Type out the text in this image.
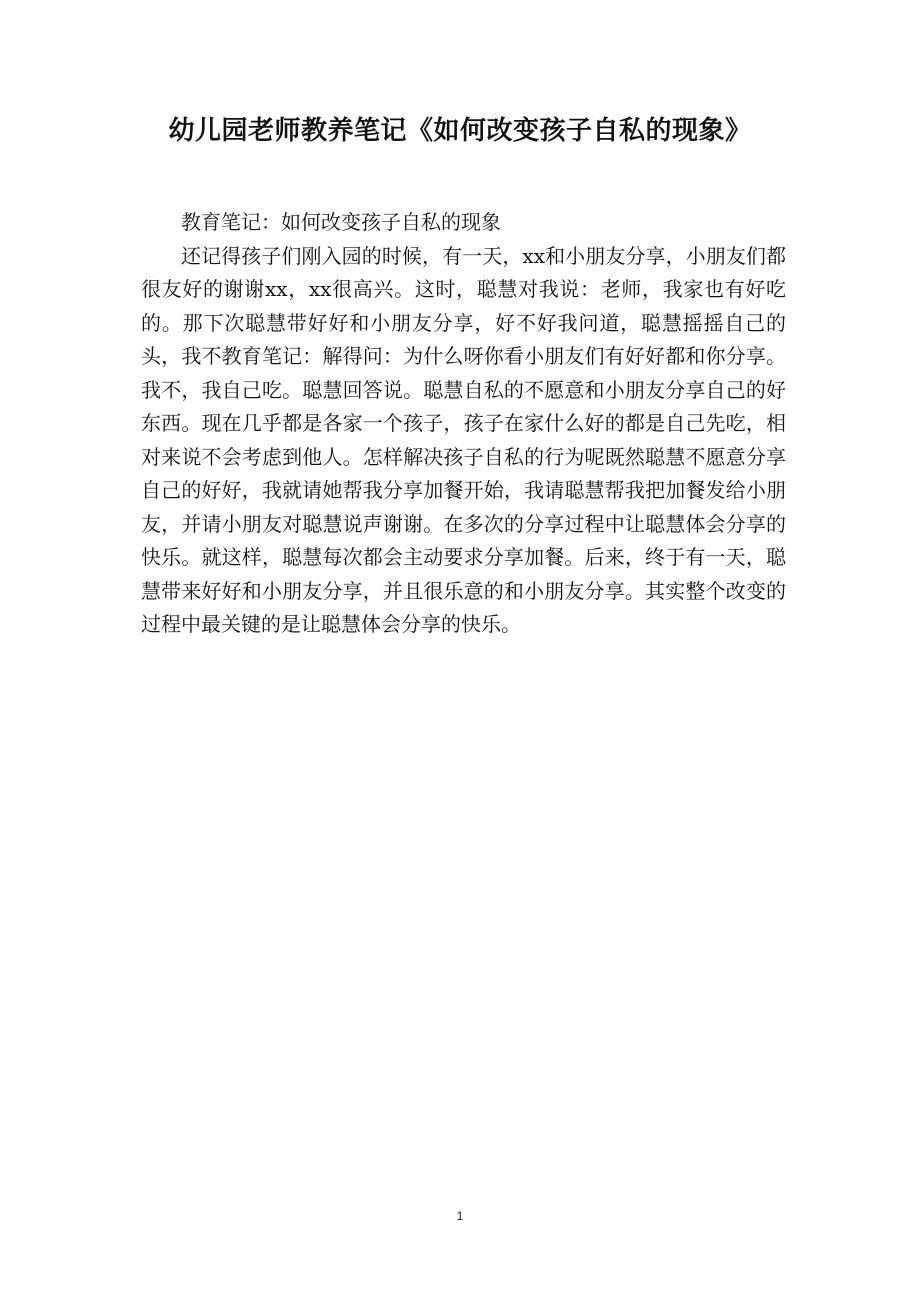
幼儿园老师教养笔记《如何改变孩子自私的现象》

教育笔记：如何改变孩子自私的现象

还记得孩子们刚入园的时候，有一天，xx和小朋友分享，小朋友们都很友好的谢谢xx，xx很高兴。这时，聪慧对我说：老师，我家也有好吃的。那下次聪慧带好好和小朋友分享，好不好我问道，聪慧摇摇自己的头，我不教育笔记：解得问：为什么呀你看小朋友们有好好都和你分享。我不，我自己吃。聪慧回答说。聪慧自私的不愿意和小朋友分享自己的好东西。现在几乎都是各家一个孩子，孩子在家什么好的都是自己先吃，相对来说不会考虑到他人。怎样解决孩子自私的行为呢既然聪慧不愿意分享自己的好好，我就请她帮我分享加餐开始，我请聪慧帮我把加餐发给小朋友，并请小朋友对聪慧说声谢谢。在多次的分享过程中让聪慧体会分享的快乐。就这样，聪慧每次都会主动要求分享加餐。后来，终于有一天，聪慧带来好好和小朋友分享，并且很乐意的和小朋友分享。其实整个改变的过程中最关键的是让聪慧体会分享的快乐。

1
